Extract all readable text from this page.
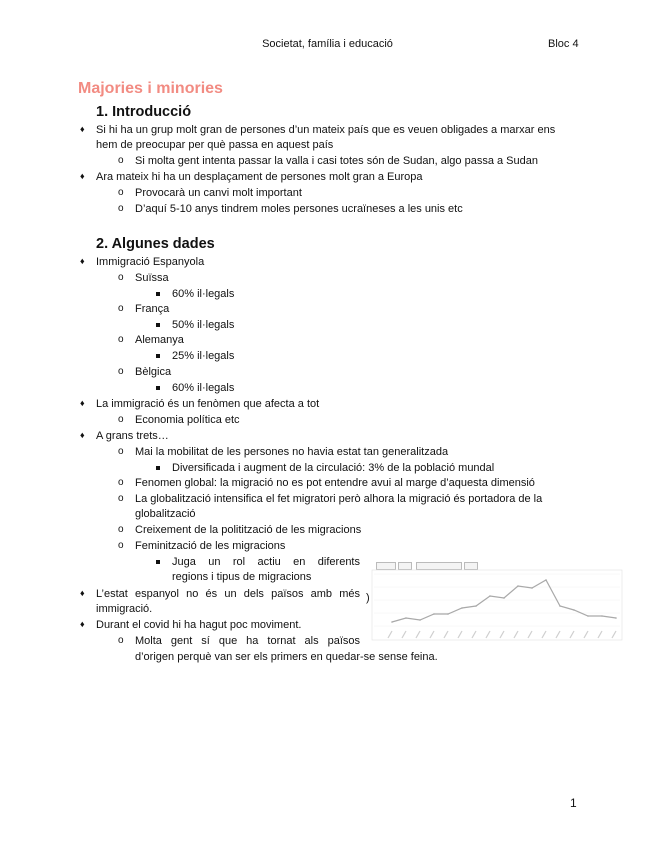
Societat, família i educació	Bloc 4
Majories i minories
1. Introducció
♦ Si hi ha un grup molt gran de persones d’un mateix país que es veuen obligades a marxar ens
hem de preocupar per què passa en aquest país
o Si molta gent intenta passar la valla i casi totes són de Sudan, algo passa a Sudan
♦ Ara mateix hi ha un desplaçament de persones molt gran a Europa
o Provocarà un canvi molt important
o D’aquí 5-10 anys tindrem moles persones ucraïneses a les unis etc
2. Algunes dades
♦ Immigració Espanyola
o Suïssa
60% il·legals
o França
50% il·legals
o Alemanya
25% il·legals
o Bèlgica
60% il·legals
♦ La immigració és un fenòmen que afecta a tot
o Economia política etc
♦ A grans trets…
o Mai la mobilitat de les persones no havia estat tan generalitzada
Diversificada i augment de la circulació: 3% de la població mundal
o Fenomen global: la migració no es pot entendre avui al marge d’aquesta dimensió
o La globalització intensifica el fet migratori però alhora la migració és portadora de la
globalització
o Creixement de la politització de les migracions
o Feminització de les migracions
Juga un rol actiu en diferents
regions i tipus de migracions
♦ L’estat espanyol no és un dels països amb més
immigració.
♦ Durant el covid hi ha hagut poc moviment.
o Molta gent sí que ha tornat als països
d’origen perquè van ser els primers en quedar-se sense feina.
)
1
